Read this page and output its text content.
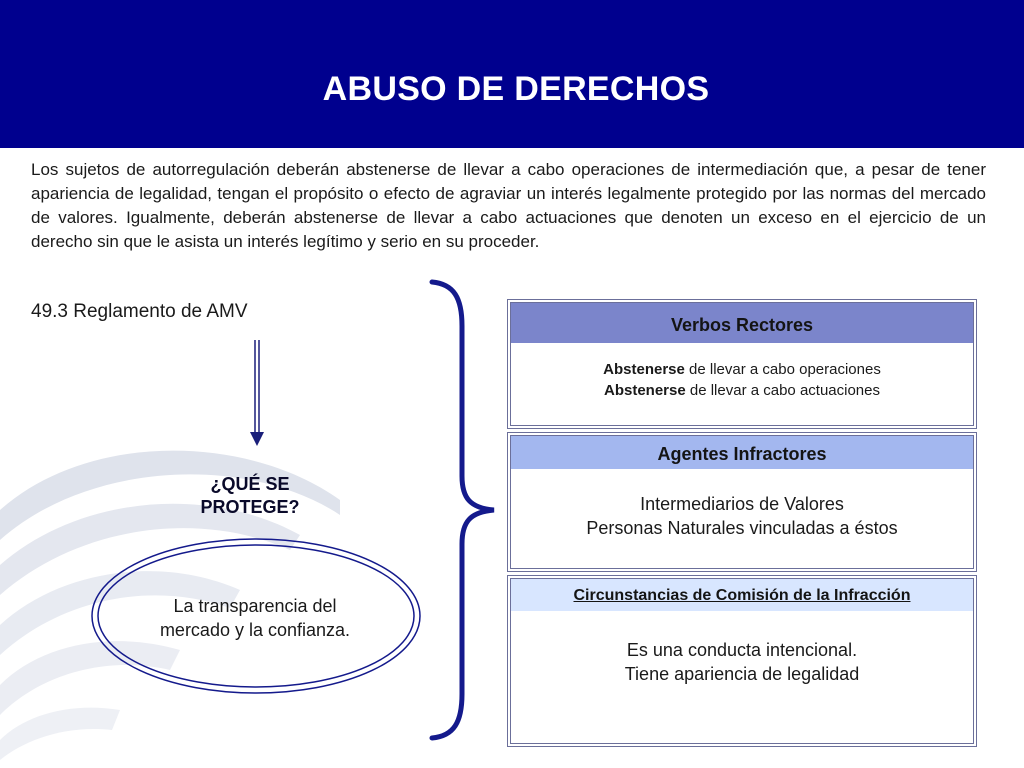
ABUSO DE DERECHOS

Los sujetos de autorregulación deberán abstenerse de llevar a cabo operaciones de intermediación que, a pesar de tener apariencia de legalidad, tengan el propósito o efecto de agraviar un interés legalmente protegido por las normas del mercado de valores. Igualmente, deberán abstenerse de llevar a cabo actuaciones que denoten un exceso en el ejercicio de un derecho sin que le asista un interés legítimo y serio en su proceder.

49.3 Reglamento de AMV
¿QUÉ SE
PROTEGE?
La transparencia del
mercado y la confianza.
Verbos Rectores
Abstenerse de llevar a cabo operaciones
Abstenerse de llevar a cabo actuaciones
Agentes Infractores
Intermediarios de Valores
Personas Naturales vinculadas a éstos
Circunstancias de Comisión de la Infracción
Es una conducta intencional.
Tiene apariencia de legalidad
